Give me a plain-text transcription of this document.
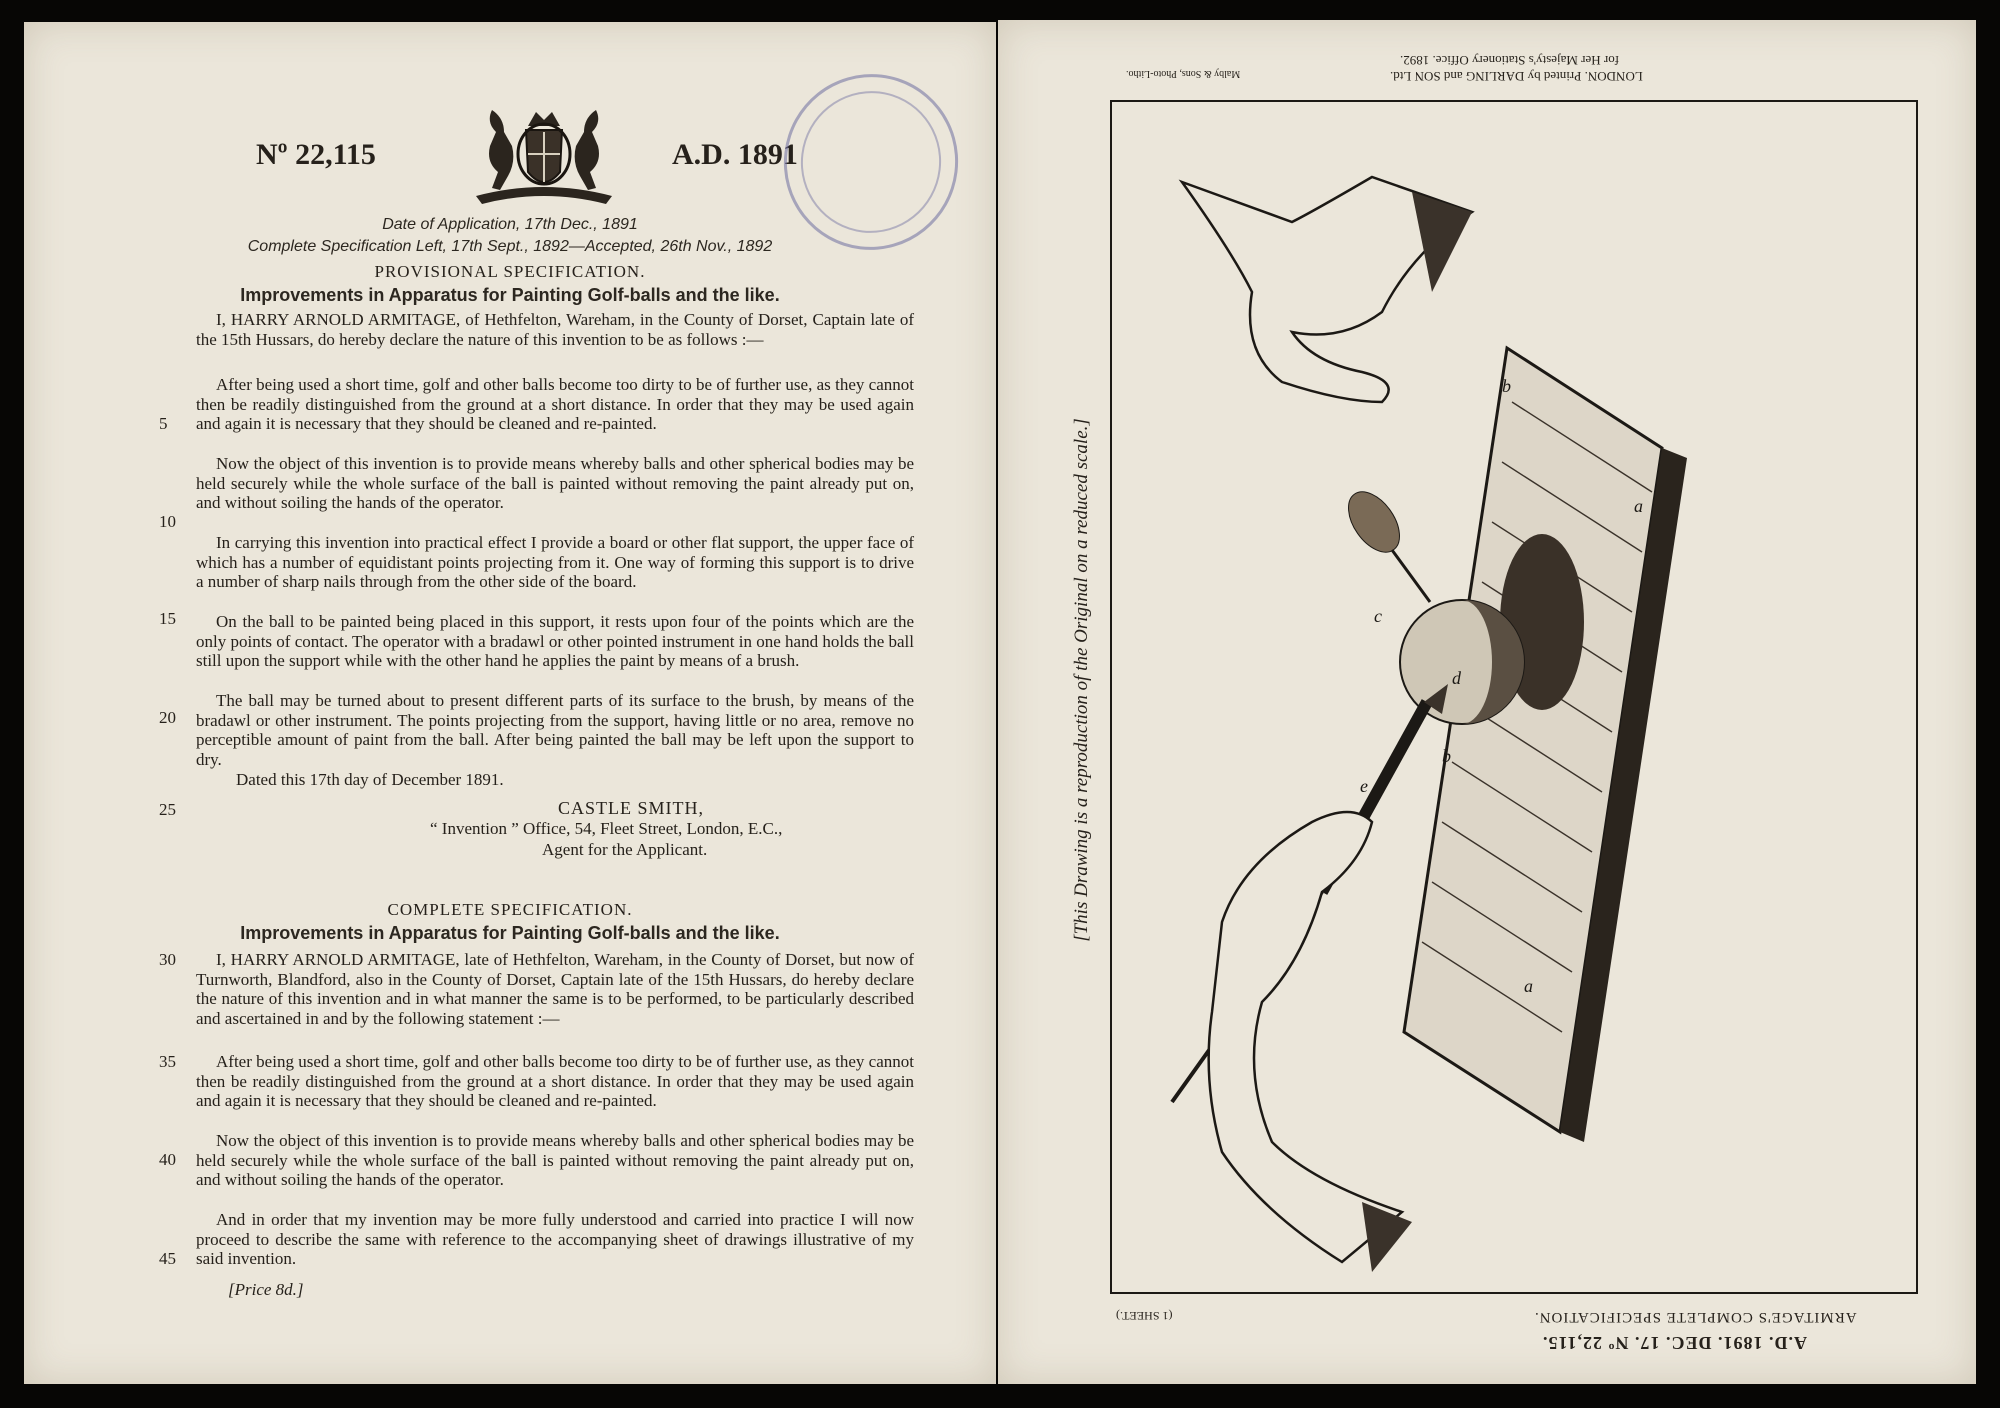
Nº 22,115	A.D. 1891
Date of Application, 17th Dec., 1891
Complete Specification Left, 17th Sept., 1892—Accepted, 26th Nov., 1892
PROVISIONAL SPECIFICATION.
Improvements in Apparatus for Painting Golf-balls and the like.

I, HARRY ARNOLD ARMITAGE, of Hethfelton, Wareham, in the County of Dorset, Captain late of the 15th Hussars, do hereby declare the nature of this invention to be as follows :—

After being used a short time, golf and other balls become too dirty to be of further use, as they cannot then be readily distinguished from the ground at a short distance. In order that they may be used again and again it is necessary that they should be cleaned and re-painted.

Now the object of this invention is to provide means whereby balls and other spherical bodies may be held securely while the whole surface of the ball is painted without removing the paint already put on, and without soiling the hands of the operator.

In carrying this invention into practical effect I provide a board or other flat support, the upper face of which has a number of equidistant points projecting from it. One way of forming this support is to drive a number of sharp nails through from the other side of the board.

On the ball to be painted being placed in this support, it rests upon four of the points which are the only points of contact. The operator with a bradawl or other pointed instrument in one hand holds the ball still upon the support while with the other hand he applies the paint by means of a brush.

The ball may be turned about to present different parts of its surface to the brush, by means of the bradawl or other instrument. The points projecting from the support, having little or no area, remove no perceptible amount of paint from the ball. After being painted the ball may be left upon the support to dry.

Dated this 17th day of December 1891.
CASTLE SMITH,
“ Invention ” Office, 54, Fleet Street, London, E.C.,
Agent for the Applicant.
COMPLETE SPECIFICATION.
Improvements in Apparatus for Painting Golf-balls and the like.

I, HARRY ARNOLD ARMITAGE, late of Hethfelton, Wareham, in the County of Dorset, but now of Turnworth, Blandford, also in the County of Dorset, Captain late of the 15th Hussars, do hereby declare the nature of this invention and in what manner the same is to be performed, to be particularly described and ascertained in and by the following statement :—

After being used a short time, golf and other balls become too dirty to be of further use, as they cannot then be readily distinguished from the ground at a short distance. In order that they may be used again and again it is necessary that they should be cleaned and re-painted.

Now the object of this invention is to provide means whereby balls and other spherical bodies may be held securely while the whole surface of the ball is painted without removing the paint already put on, and without soiling the hands of the operator.

And in order that my invention may be more fully understood and carried into practice I will now proceed to describe the same with reference to the accompanying sheet of drawings illustrative of my said invention.

[Price 8d.]
5
10
15
20
25
30
35
40
45
LONDON. Printed by DARLING and SON Ltd.
for Her Majesty's Stationery Office. 1892.
Malby & Sons, Photo-Litho.
b
a
b
a
c
d
e
[This Drawing is a reproduction of the Original on a reduced scale.]
A.D. 1891. DEC. 17. Nº 22,115.
ARMITAGE'S COMPLETE SPECIFICATION.
(1 SHEET.)
